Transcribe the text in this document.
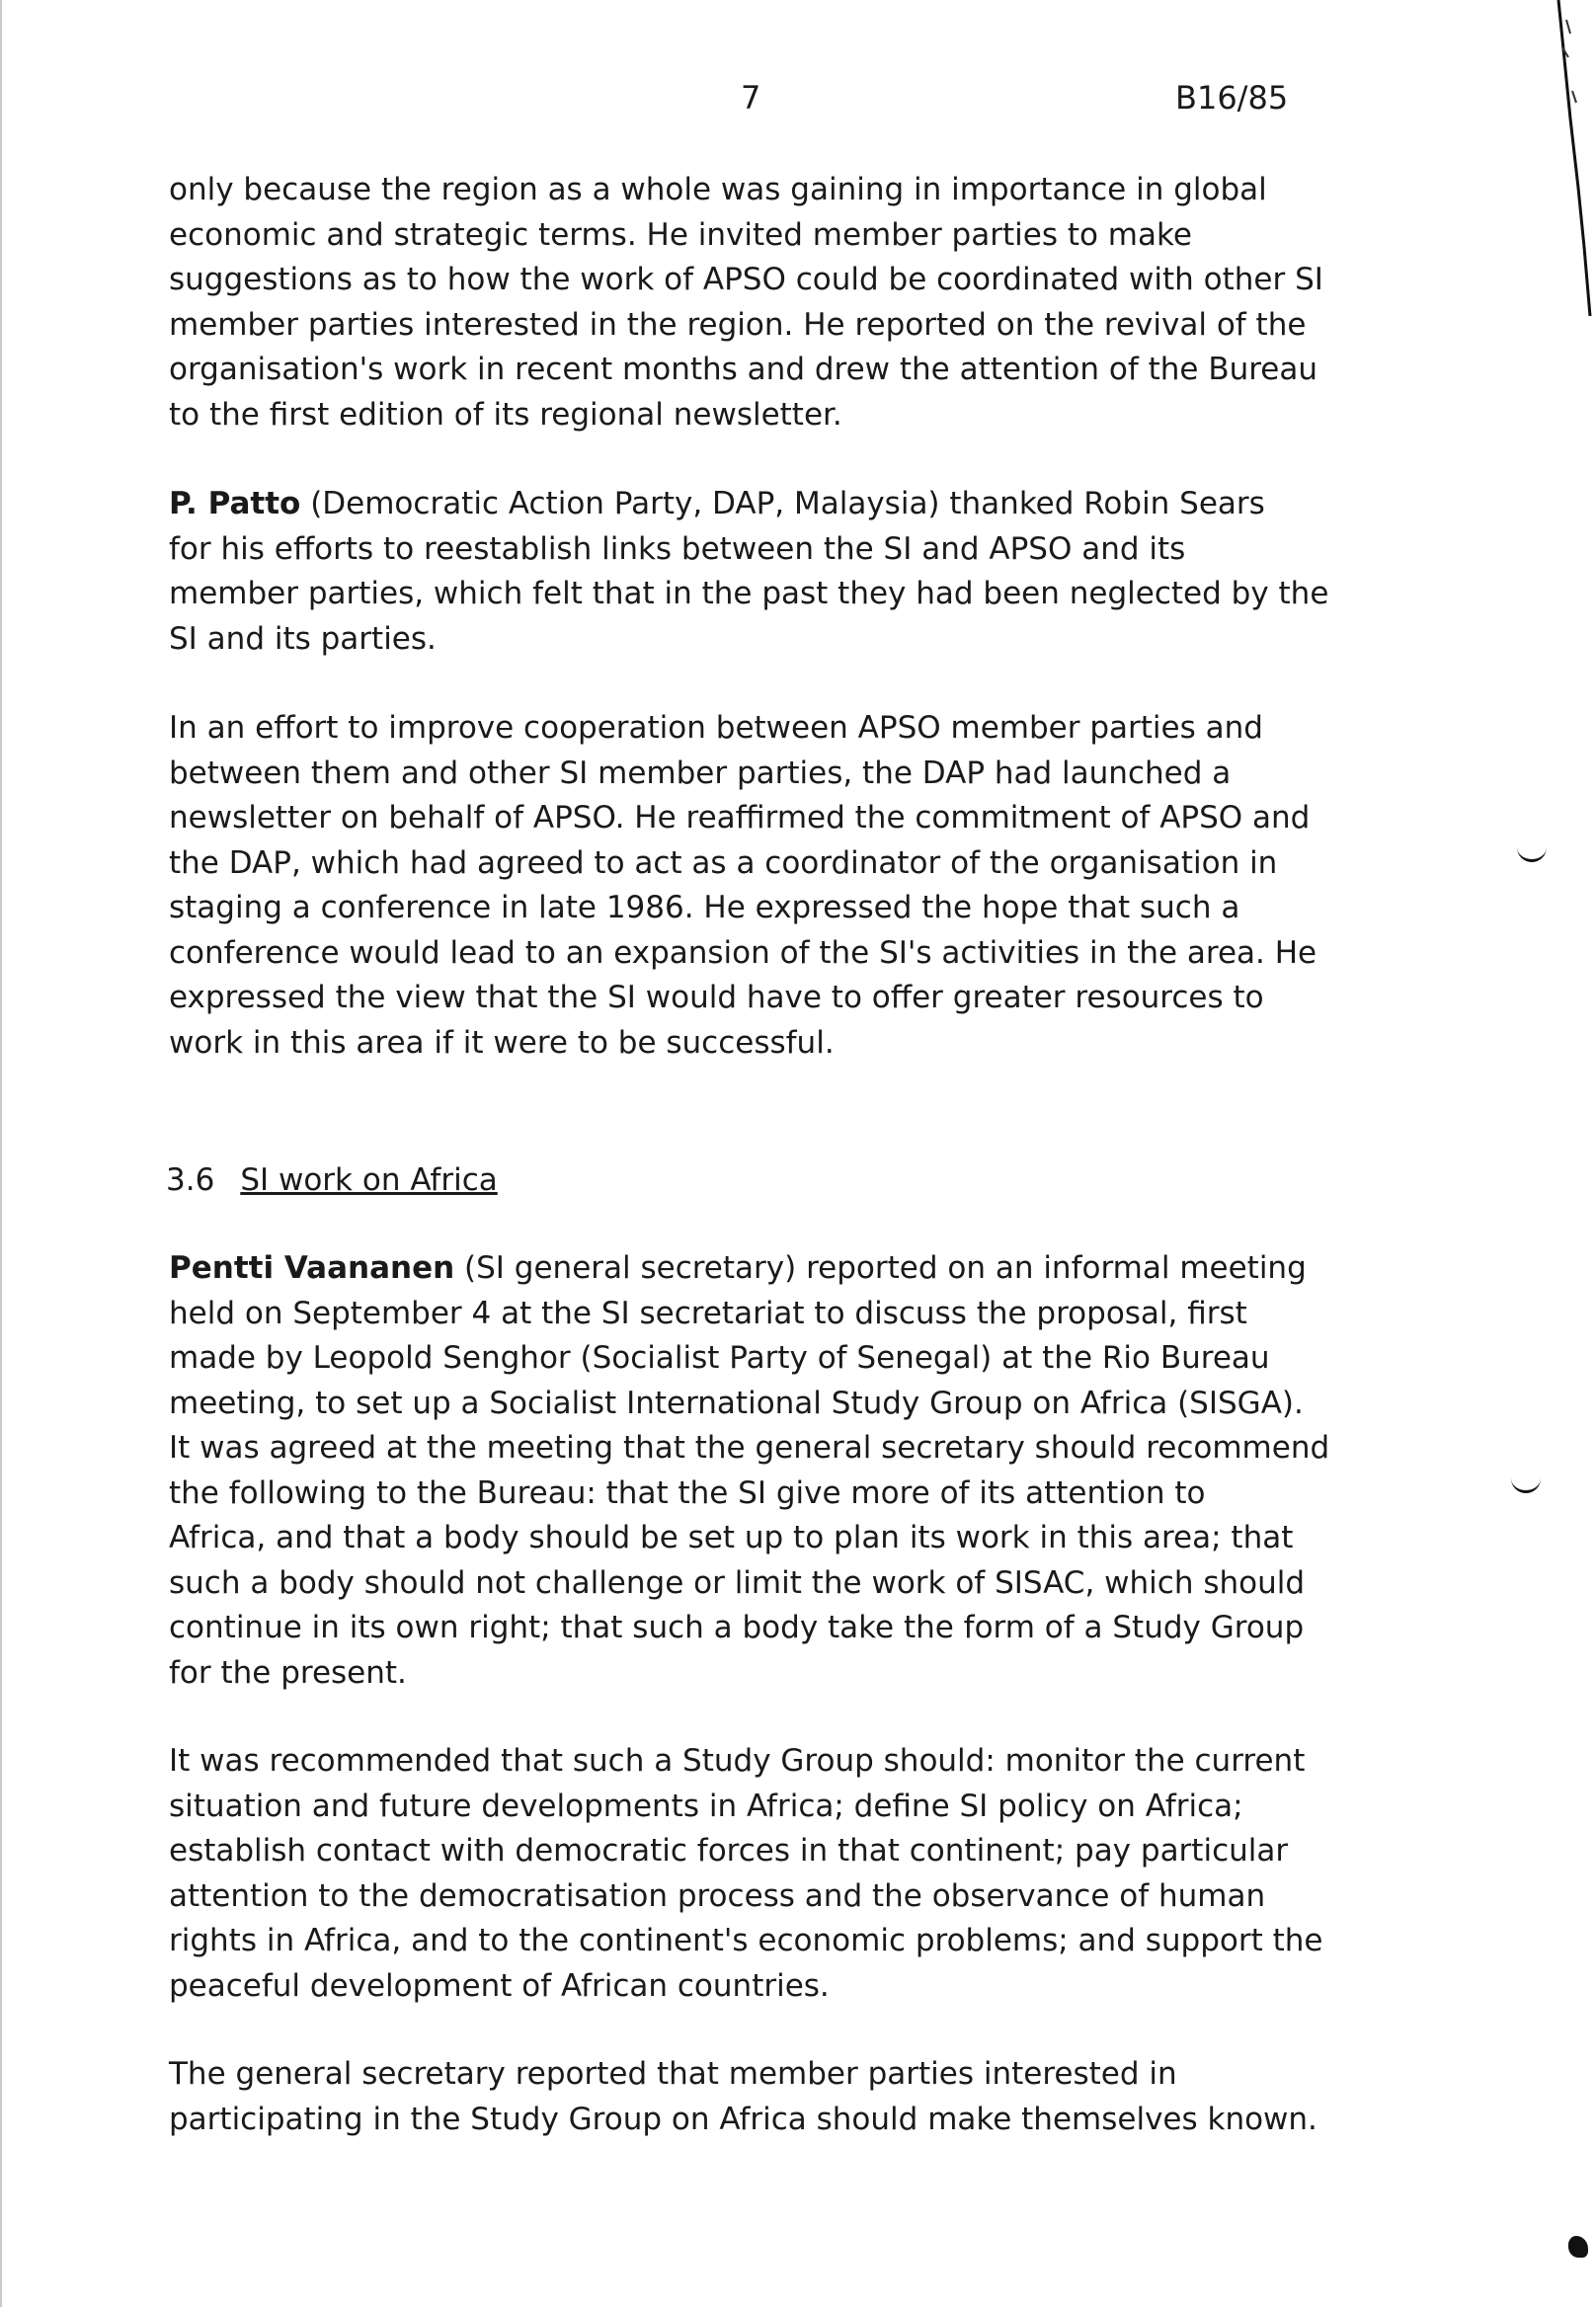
7	B16/85

only because the region as a whole was gaining in importance in global
economic and strategic terms. He invited member parties to make
suggestions as to how the work of APSO could be coordinated with other SI
member parties interested in the region. He reported on the revival of the
organisation's work in recent months and drew the attention of the Bureau
to the first edition of its regional newsletter.

P. Patto (Democratic Action Party, DAP, Malaysia) thanked Robin Sears
for his efforts to reestablish links between the SI and APSO and its
member parties, which felt that in the past they had been neglected by the
SI and its parties.

In an effort to improve cooperation between APSO member parties and
between them and other SI member parties, the DAP had launched a
newsletter on behalf of APSO. He reaffirmed the commitment of APSO and
the DAP, which had agreed to act as a coordinator of the organisation in
staging a conference in late 1986. He expressed the hope that such a
conference would lead to an expansion of the SI's activities in the area. He
expressed the view that the SI would have to offer greater resources to
work in this area if it were to be successful.

3.6 SI work on Africa

Pentti Vaananen (SI general secretary) reported on an informal meeting
held on September 4 at the SI secretariat to discuss the proposal, first
made by Leopold Senghor (Socialist Party of Senegal) at the Rio Bureau
meeting, to set up a Socialist International Study Group on Africa (SISGA).
It was agreed at the meeting that the general secretary should recommend
the following to the Bureau: that the SI give more of its attention to
Africa, and that a body should be set up to plan its work in this area; that
such a body should not challenge or limit the work of SISAC, which should
continue in its own right; that such a body take the form of a Study Group
for the present.

It was recommended that such a Study Group should: monitor the current
situation and future developments in Africa; define SI policy on Africa;
establish contact with democratic forces in that continent; pay particular
attention to the democratisation process and the observance of human
rights in Africa, and to the continent's economic problems; and support the
peaceful development of African countries.

The general secretary reported that member parties interested in
participating in the Study Group on Africa should make themselves known.
